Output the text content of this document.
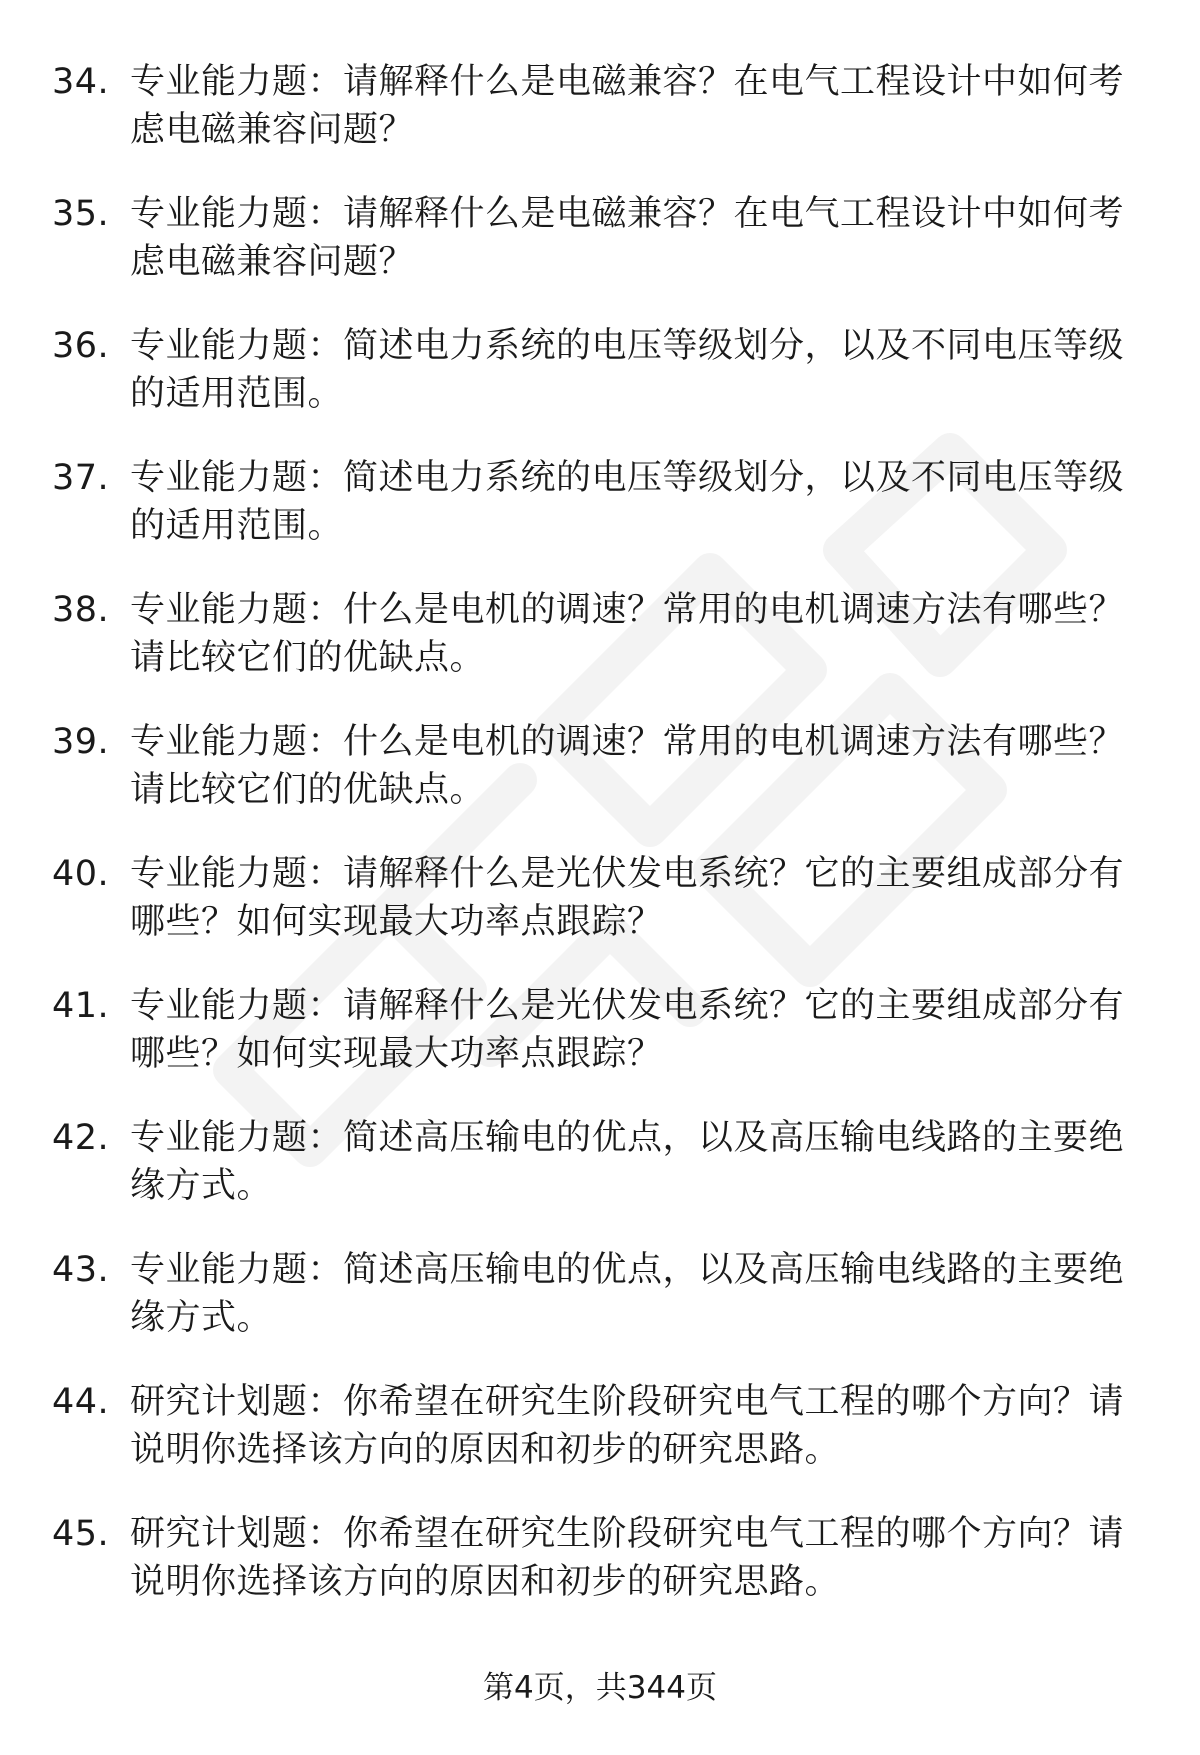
34. 专业能力题：请解释什么是电磁兼容？在电气工程设计中如何考虑电磁兼容问题？
35. 专业能力题：请解释什么是电磁兼容？在电气工程设计中如何考虑电磁兼容问题？
36. 专业能力题：简述电力系统的电压等级划分，以及不同电压等级的适用范围。
37. 专业能力题：简述电力系统的电压等级划分，以及不同电压等级的适用范围。
38. 专业能力题：什么是电机的调速？常用的电机调速方法有哪些？请比较它们的优缺点。
39. 专业能力题：什么是电机的调速？常用的电机调速方法有哪些？请比较它们的优缺点。
40. 专业能力题：请解释什么是光伏发电系统？它的主要组成部分有哪些？如何实现最大功率点跟踪？
41. 专业能力题：请解释什么是光伏发电系统？它的主要组成部分有哪些？如何实现最大功率点跟踪？
42. 专业能力题：简述高压输电的优点，以及高压输电线路的主要绝缘方式。
43. 专业能力题：简述高压输电的优点，以及高压输电线路的主要绝缘方式。
44. 研究计划题：你希望在研究生阶段研究电气工程的哪个方向？请说明你选择该方向的原因和初步的研究思路。
45. 研究计划题：你希望在研究生阶段研究电气工程的哪个方向？请说明你选择该方向的原因和初步的研究思路。
第4页，共344页
